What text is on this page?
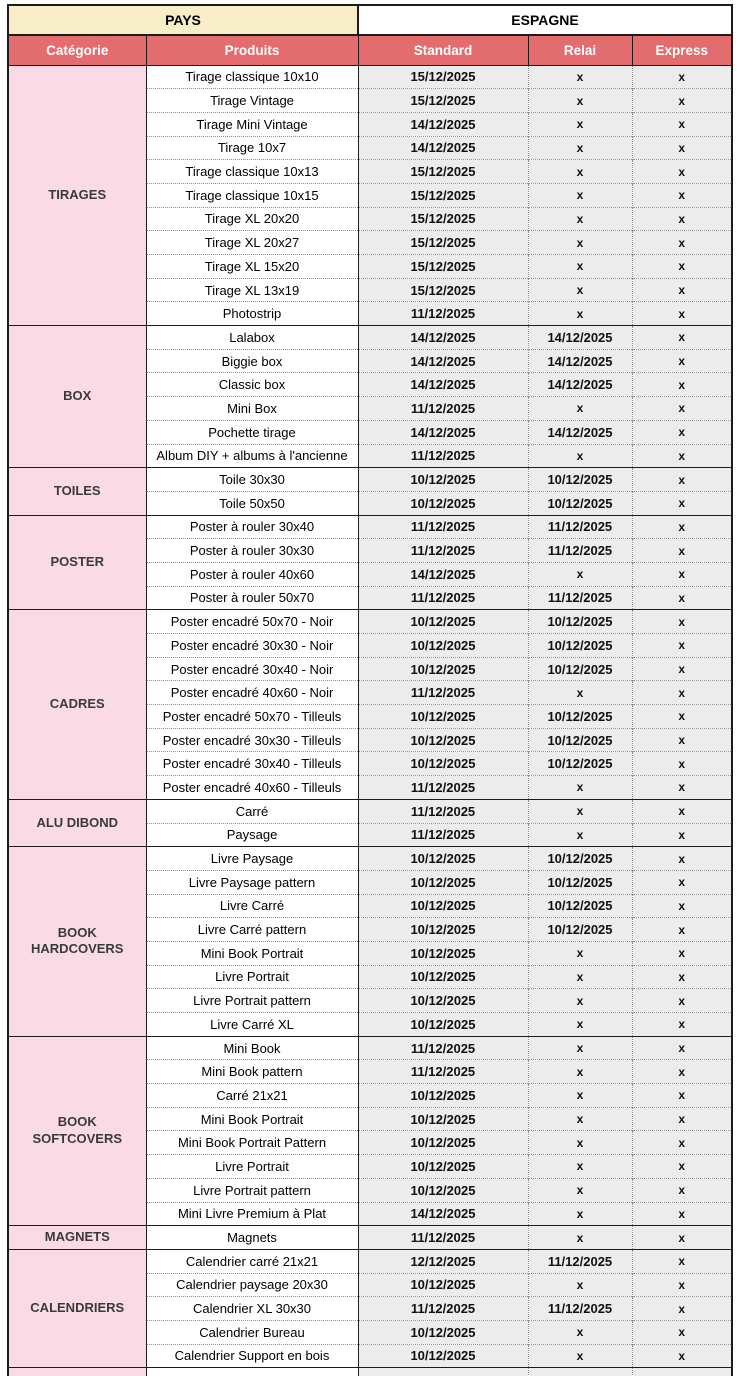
PAYS		ESPAGNE		
Catégorie	Produits	Standard	Relai	Express
TIRAGES	Tirage classique 10x10	15/12/2025	x	x
	Tirage Vintage	15/12/2025	x	x
	Tirage Mini Vintage	14/12/2025	x	x
	Tirage 10x7	14/12/2025	x	x
	Tirage classique 10x13	15/12/2025	x	x
	Tirage classique 10x15	15/12/2025	x	x
	Tirage XL 20x20	15/12/2025	x	x
	Tirage XL 20x27	15/12/2025	x	x
	Tirage XL 15x20	15/12/2025	x	x
	Tirage XL 13x19	15/12/2025	x	x
	Photostrip	11/12/2025	x	x
BOX	Lalabox	14/12/2025	14/12/2025	x
	Biggie box	14/12/2025	14/12/2025	x
	Classic box	14/12/2025	14/12/2025	x
	Mini Box	11/12/2025	x	x
	Pochette tirage	14/12/2025	14/12/2025	x
	Album DIY + albums à l'ancienne	11/12/2025	x	x
TOILES	Toile 30x30	10/12/2025	10/12/2025	x
	Toile 50x50	10/12/2025	10/12/2025	x
POSTER	Poster à rouler 30x40	11/12/2025	11/12/2025	x
	Poster à rouler 30x30	11/12/2025	11/12/2025	x
	Poster à rouler 40x60	14/12/2025	x	x
	Poster à rouler 50x70	11/12/2025	11/12/2025	x
CADRES	Poster encadré 50x70 - Noir	10/12/2025	10/12/2025	x
	Poster encadré 30x30 - Noir	10/12/2025	10/12/2025	x
	Poster encadré 30x40 - Noir	10/12/2025	10/12/2025	x
	Poster encadré 40x60 - Noir	11/12/2025	x	x
	Poster encadré 50x70 - Tilleuls	10/12/2025	10/12/2025	x
	Poster encadré 30x30 - Tilleuls	10/12/2025	10/12/2025	x
	Poster encadré 30x40 - Tilleuls	10/12/2025	10/12/2025	x
	Poster encadré 40x60 - Tilleuls	11/12/2025	x	x
ALU DIBOND	Carré	11/12/2025	x	x
	Paysage	11/12/2025	x	x
BOOK HARDCOVERS	Livre Paysage	10/12/2025	10/12/2025	x
	Livre Paysage pattern	10/12/2025	10/12/2025	x
	Livre Carré	10/12/2025	10/12/2025	x
	Livre Carré pattern	10/12/2025	10/12/2025	x
	Mini Book Portrait	10/12/2025	x	x
	Livre Portrait	10/12/2025	x	x
	Livre Portrait pattern	10/12/2025	x	x
	Livre Carré XL	10/12/2025	x	x
BOOK SOFTCOVERS	Mini Book	11/12/2025	x	x
	Mini Book pattern	11/12/2025	x	x
	Carré 21x21	10/12/2025	x	x
	Mini Book Portrait	10/12/2025	x	x
	Mini Book Portrait Pattern	10/12/2025	x	x
	Livre Portrait	10/12/2025	x	x
	Livre Portrait pattern	10/12/2025	x	x
	Mini Livre Premium à Plat	14/12/2025	x	x
MAGNETS	Magnets	11/12/2025	x	x
CALENDRIERS	Calendrier carré 21x21	12/12/2025	11/12/2025	x
	Calendrier paysage 20x30	10/12/2025	x	x
	Calendrier XL 30x30	11/12/2025	11/12/2025	x
	Calendrier Bureau	10/12/2025	x	x
	Calendrier Support en bois	10/12/2025	x	x
